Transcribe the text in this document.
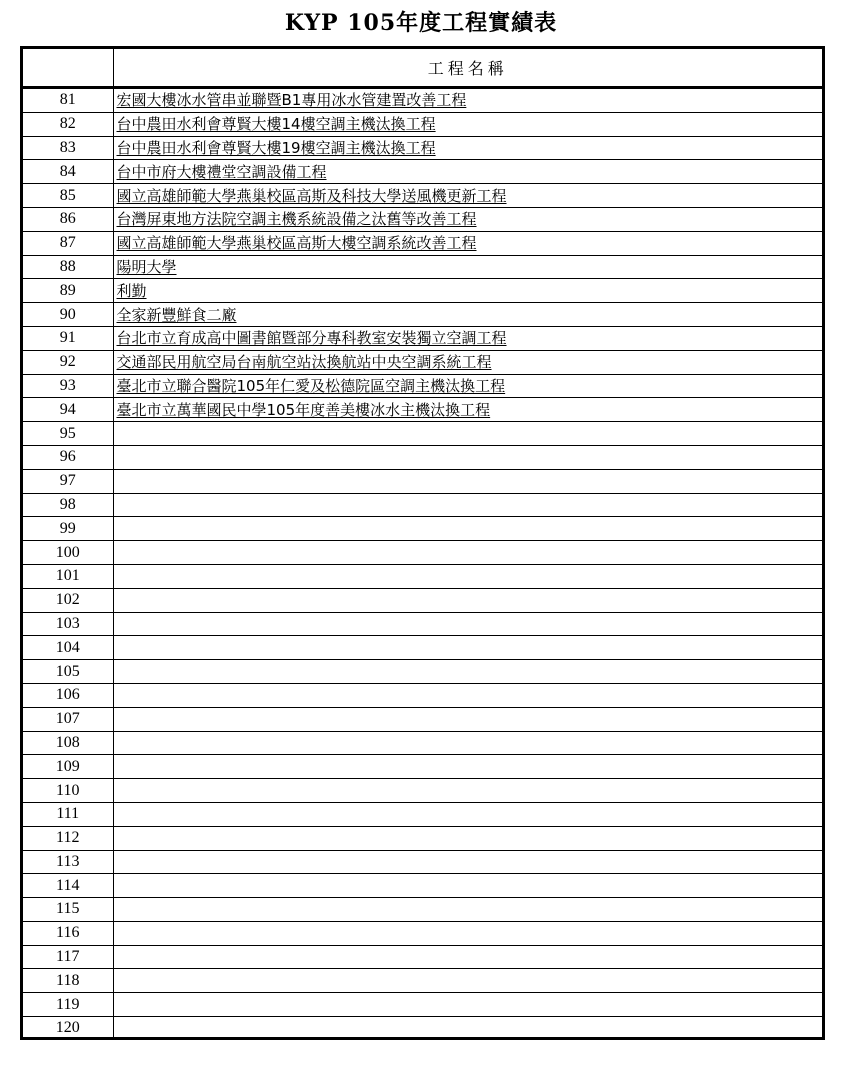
KYP 105年度工程實績表
	工程名稱
81	宏國大樓冰水管串並聯暨B1專用冰水管建置改善工程
82	台中農田水利會尊賢大樓14樓空調主機汰換工程
83	台中農田水利會尊賢大樓19樓空調主機汰換工程
84	台中市府大樓禮堂空調設備工程
85	國立高雄師範大學燕巢校區高斯及科技大學送風機更新工程
86	台灣屏東地方法院空調主機系統設備之汰舊等改善工程
87	國立高雄師範大學燕巢校區高斯大樓空調系統改善工程
88	陽明大學
89	利勤
90	全家新豐鮮食二廠
91	台北市立育成高中圖書館暨部分專科教室安裝獨立空調工程
92	交通部民用航空局台南航空站汰換航站中央空調系統工程
93	臺北市立聯合醫院105年仁愛及松德院區空調主機汰換工程
94	臺北市立萬華國民中學105年度善美樓冰水主機汰換工程
95	
96	
97	
98	
99	
100	
101	
102	
103	
104	
105	
106	
107	
108	
109	
110	
111	
112	
113	
114	
115	
116	
117	
118	
119	
120	
